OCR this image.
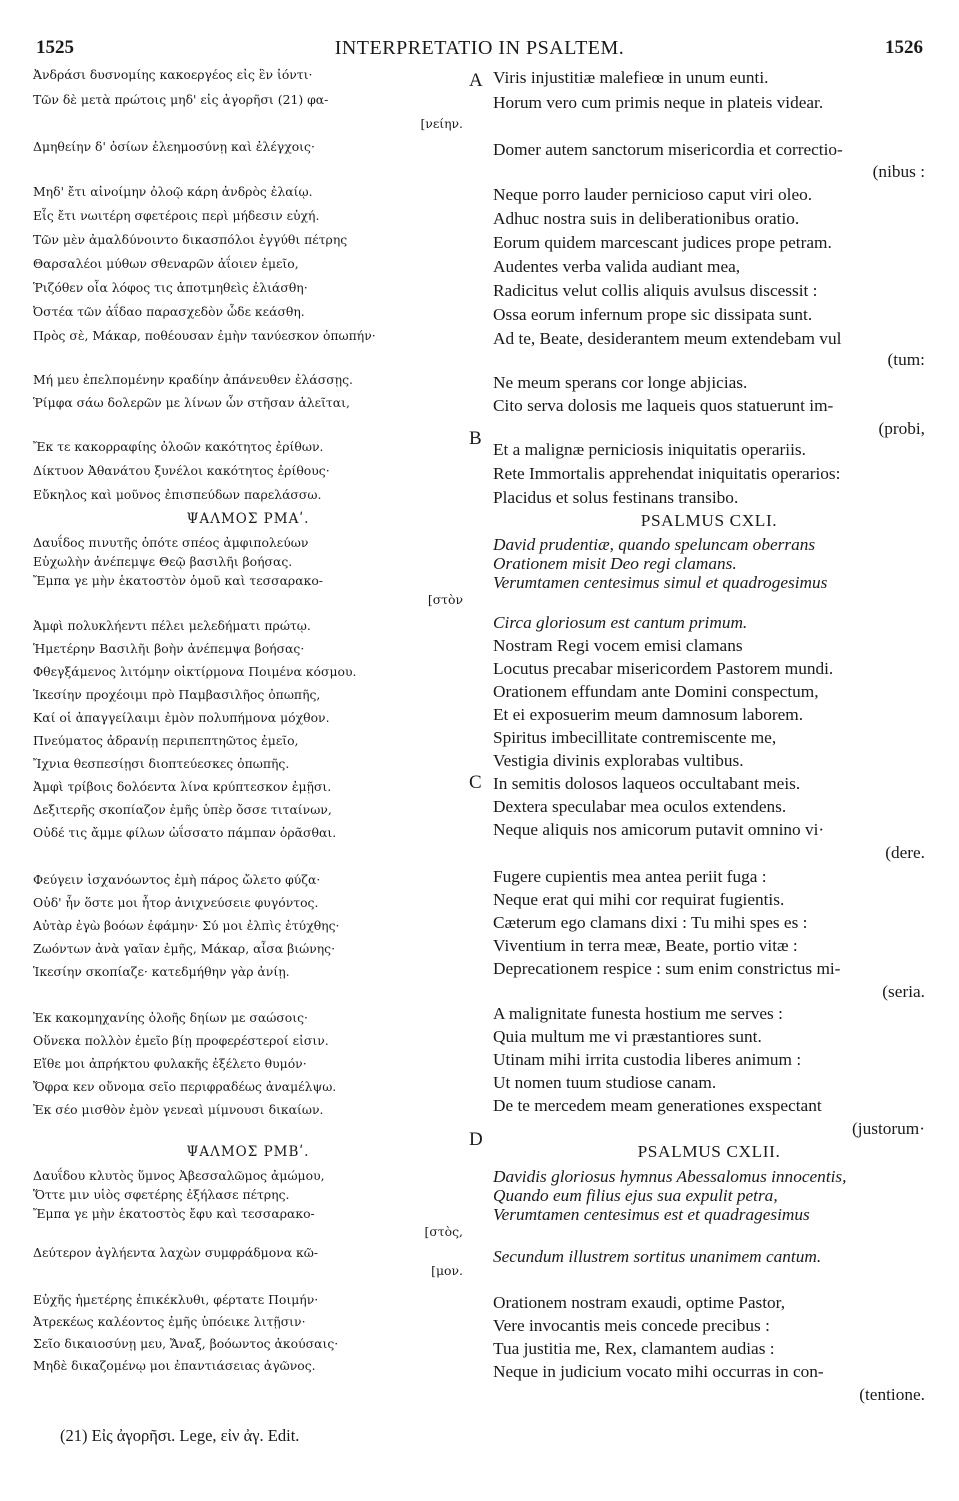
1525	INTERPRETATIO IN PSALTEM.	1526
A
B
C
D
Ἀνδράσι δυσνομίης κακοεργέος εἰς ἓν ἰόντι·
Τῶν δὲ μετὰ πρώτοις μηδ' εἰς ἀγορῆσι (21) φα-
[νείην.
Δμηθείην δ' ὁσίων ἐλεημοσύνῃ καὶ ἐλέγχοις·
Μηδ' ἔτι αἰνοίμην ὀλοῷ κάρη ἀνδρὸς ἐλαίῳ.
Εἷς ἔτι νωιτέρη σφετέροις περὶ μήδεσιν εὐχή.
Τῶν μὲν ἀμαλδύνοιντο δικασπόλοι ἐγγύθι πέτρης
Θαρσαλέοι μύθων σθεναρῶν ἀΐοιεν ἐμεῖο,
Ῥιζόθεν οἷα λόφος τις ἀποτμηθεὶς ἐλιάσθη·
Ὀστέα τῶν ἀΐδαο παρασχεδὸν ὧδε κεάσθη.
Πρὸς σὲ, Μάκαρ, ποθέουσαν ἐμὴν τανύεσκον ὀπωπήν·
Μή μευ ἐπελπομένην κραδίην ἀπάνευθεν ἐλάσσῃς.
Ῥίμφα σάω δολερῶν με λίνων ὧν στῆσαν ἀλεῖται,
Ἔκ τε κακορραφίης ὀλοῶν κακότητος ἐρίθων.
Δίκτυον Ἀθανάτου ξυνέλοι κακότητος ἐρίθους·
Εὔκηλος καὶ μοῦνος ἐπισπεύδων παρελάσσω.
ΨΑΛΜΟΣ ΡΜΑʹ.
Δαυΐδος πινυτῆς ὁπότε σπέος ἀμφιπολεύων
Εὐχωλὴν ἀνέπεμψε Θεῷ βασιλῆι βοήσας.
Ἔμπα γε μὴν ἑκατοστὸν ὁμοῦ καὶ τεσσαρακο-
[στὸν
Ἀμφὶ πολυκλήεντι πέλει μελεδήματι πρώτῳ.
Ἡμετέρην Βασιλῆι βοὴν ἀνέπεμψα βοήσας·
Φθεγξάμενος λιτόμην οἰκτίρμονα Ποιμένα κόσμου.
Ἱκεσίην προχέοιμι πρὸ Παμβασιλῆος ὀπωπῆς,
Καί οἱ ἀπαγγείλαιμι ἐμὸν πολυπήμονα μόχθον.
Πνεύματος ἀδρανίῃ περιπεπτηῶτος ἐμεῖο,
Ἴχνια θεσπεσίῃσι διοπτεύεσκες ὀπωπῆς.
Ἀμφὶ τρίβοις δολόεντα λίνα κρύπτεσκον ἐμῇσι.
Δεξιτερῆς σκοπίαζον ἐμῆς ὑπὲρ ὄσσε τιταίνων,
Οὐδέ τις ἄμμε φίλων ὠΐσσατο πάμπαν ὁρᾶσθαι.
Φεύγειν ἰσχανόωντος ἐμὴ πάρος ὤλετο φύζα·
Οὐδ' ἦν ὅστε μοι ἦτορ ἀνιχνεύσειε φυγόντος.
Αὐτὰρ ἐγὼ βοόων ἐφάμην· Σύ μοι ἐλπὶς ἐτύχθης·
Ζωόντων ἀνὰ γαῖαν ἐμῆς, Μάκαρ, αἶσα βιώνης·
Ἱκεσίην σκοπίαζε· κατεδμήθην γὰρ ἀνίῃ.
Ἐκ κακομηχανίης ὀλοῆς δηίων με σαώσοις·
Οὕνεκα πολλὸν ἐμεῖο βίῃ προφερέστεροί εἰσιν.
Εἴθε μοι ἀπρήκτου φυλακῆς ἐξέλετο θυμόν·
Ὄφρα κεν οὔνομα σεῖο περιφραδέως ἀναμέλψω.
Ἐκ σέο μισθὸν ἐμὸν γενεαὶ μίμνουσι δικαίων.
ΨΑΛΜΟΣ ΡΜΒʹ.
Δαυΐδου κλυτὸς ὕμνος Ἀβεσσαλῶμος ἀμώμου,
Ὅττε μιν υἱὸς σφετέρης ἐξήλασε πέτρης.
Ἔμπα γε μὴν ἑκατοστὸς ἔφυ καὶ τεσσαρακο-
[στὸς,
Δεύτερον ἀγλήεντα λαχὼν συμφράδμονα κῶ-
[μον.
Εὐχῆς ἡμετέρης ἐπικέκλυθι, φέρτατε Ποιμήν·
Ἀτρεκέως καλέοντος ἐμῆς ὑπόεικε λιτῇσιν·
Σεῖο δικαιοσύνῃ μευ, Ἄναξ, βοόωντος ἀκούσαις·
Μηδὲ δικαζομένῳ μοι ἐπαντιάσειας ἀγῶνος.
Viris injustitiæ malefieœ in unum eunti.
Horum vero cum primis neque in plateis videar.
Domer autem sanctorum misericordia et correctio-
(nibus :
Neque porro lauder pernicioso caput viri oleo.
Adhuc nostra suis in deliberationibus oratio.
Eorum quidem marcescant judices prope petram.
Audentes verba valida audiant mea,
Radicitus velut collis aliquis avulsus discessit :
Ossa eorum infernum prope sic dissipata sunt.
Ad te, Beate, desiderantem meum extendebam vul
(tum:
Ne meum sperans cor longe abjicias.
Cito serva dolosis me laqueis quos statuerunt im-
(probi,
Et a malignæ perniciosis iniquitatis operariis.
Rete Immortalis apprehendat iniquitatis operarios:
Placidus et solus festinans transibo.
PSALMUS CXLI.
David prudentiæ, quando speluncam oberrans
Orationem misit Deo regi clamans.
Verumtamen centesimus simul et quadrogesimus
Circa gloriosum est cantum primum.
Nostram Regi vocem emisi clamans
Locutus precabar misericordem Pastorem mundi.
Orationem effundam ante Domini conspectum,
Et ei exposuerim meum damnosum laborem.
Spiritus imbecillitate contremiscente me,
Vestigia divinis explorabas vultibus.
In semitis dolosos laqueos occultabant meis.
Dextera speculabar mea oculos extendens.
Neque aliquis nos amicorum putavit omnino vi·
(dere.
Fugere cupientis mea antea periit fuga :
Neque erat qui mihi cor requirat fugientis.
Cæterum ego clamans dixi : Tu mihi spes es :
Viventium in terra meæ, Beate, portio vitæ :
Deprecationem respice : sum enim constrictus mi-
(seria.
A malignitate funesta hostium me serves :
Quia multum me vi præstantiores sunt.
Utinam mihi irrita custodia liberes animum :
Ut nomen tuum studiose canam.
De te mercedem meam generationes exspectant
(justorum·
PSALMUS CXLII.
Davidis gloriosus hymnus Abessalomus innocentis,
Quando eum filius ejus sua expulit petra,
Verumtamen centesimus est et quadragesimus
Secundum illustrem sortitus unanimem cantum.
Orationem nostram exaudi, optime Pastor,
Vere invocantis meis concede precibus :
Tua justitia me, Rex, clamantem audias :
Neque in judicium vocato mihi occurras in con-
(tentione.
(21) Εἰς ἀγορῆσι. Lege, εἰν ἀγ. Edit.
